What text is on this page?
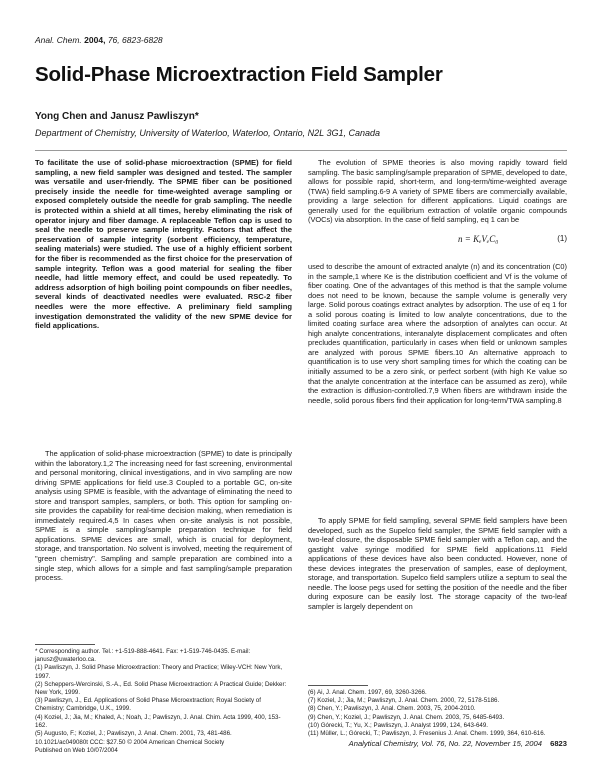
Anal. Chem. 2004, 76, 6823-6828
Solid-Phase Microextraction Field Sampler
Yong Chen and Janusz Pawliszyn*
Department of Chemistry, University of Waterloo, Waterloo, Ontario, N2L 3G1, Canada

To facilitate the use of solid-phase microextraction (SPME) for field sampling, a new field sampler was designed and tested. The sampler was versatile and user-friendly. The SPME fiber can be positioned precisely inside the needle for time-weighted average sampling or exposed completely outside the needle for grab sampling. The needle is protected within a shield at all times, hereby eliminating the risk of operator injury and fiber damage. A replaceable Teflon cap is used to seal the needle to preserve sample integrity. Factors that affect the preservation of sample integrity (sorbent efficiency, temperature, sealing materials) were studied. The use of a highly efficient sorbent for the fiber is recommended as the first choice for the preservation of sample integrity. Teflon was a good material for sealing the fiber needle, had little memory effect, and could be used repeatedly. To address adsorption of high boiling point compounds on fiber needles, several kinds of deactivated needles were evaluated. RSC-2 fiber needles were the more effective. A preliminary field sampling investigation demonstrated the validity of the new SPME device for field applications.

The application of solid-phase microextraction (SPME) to date is principally within the laboratory.1,2 The increasing need for fast screening, environmental and personal monitoring, clinical investigations, and in vivo sampling are now driving SPME applications for field use.3 Coupled to a portable GC, on-site analysis using SPME is feasible, with the advantage of eliminating the need to store and transport samples, samplers, or both. This option for sampling on-site provides the capability for real-time decision making, when remediation is immediately required.4,5 In cases when on-site analysis is not possible, SPME is a simple sampling/sample preparation technique for field applications. SPME devices are small, which is crucial for deployment, storage, and transportation. No solvent is involved, meeting the requirement of "green chemistry". Sampling and sample preparation are combined into a single step, which allows for a simple and fast sampling/sample preparation process.

* Corresponding author. Tel.: +1-519-888-4641. Fax: +1-519-746-0435. E-mail: janusz@uwaterloo.ca.
(1) Pawliszyn, J. Solid Phase Microextraction: Theory and Practice; Wiley-VCH: New York, 1997.
(2) Scheppers-Wercinski, S.-A., Ed. Solid Phase Microextraction: A Practical Guide; Dekker: New York, 1999.
(3) Pawliszyn, J., Ed. Applications of Solid Phase Microextraction; Royal Society of Chemistry; Cambridge, U.K., 1999.
(4) Koziel, J.; Jia, M.; Khaled, A.; Noah, J.; Pawliszyn, J. Anal. Chim. Acta 1999, 400, 153-162.
(5) Augusto, F.; Koziel, J.; Pawliszyn, J. Anal. Chem. 2001, 73, 481-486.

The evolution of SPME theories is also moving rapidly toward field sampling. The basic sampling/sample preparation of SPME, developed to date, allows for possible rapid, short-term, and long-term/time-weighted average (TWA) field sampling.6-9 A variety of SPME fibers are commercially available, providing a large selection for different applications. Liquid coatings are generally used for the equilibrium extraction of volatile organic compounds (VOCs) via absorption. In the case of field sampling, eq 1 can be

n = KₑVₑC₀	(1)

used to describe the amount of extracted analyte (n) and its concentration (C0) in the sample,1 where Ke is the distribution coefficient and Vf is the volume of fiber coating. One of the advantages of this method is that the sample volume does not need to be known, because the sample volume is generally very large. Solid porous coatings extract analytes by adsorption. The use of eq 1 for a solid porous coating is limited to low analyte concentrations, due to the limited coating surface area where the adsorption of analytes can occur. At high analyte concentrations, interanalyte displacement complicates and often precludes quantification, particularly in cases when field or unknown samples are analyzed with porous SPME fibers.10 An alternative approach to quantification is to use very short sampling times for which the coating can be initially assumed to be a zero sink, or perfect sorbent (with high Ke value so that the analyte concentration at the interface can be assumed as zero), while the extraction is diffusion-controlled.7,9 When fibers are withdrawn inside the needle, solid porous fibers find their application for long-term/TWA sampling.8

To apply SPME for field sampling, several SPME field samplers have been developed, such as the Supelco field sampler, the SPME field sampler with a two-leaf closure, the disposable SPME field sampler with a Teflon cap, and the gastight valve syringe modified for SPME field applications.11 Field applications of these devices have also been conducted. However, none of these devices integrates the preservation of samples, ease of deployment, storage, and transportation. Supelco field samplers utilize a septum to seal the needle. The loose pegs used for setting the position of the needle and the fiber during exposure can be easily lost. The storage capacity of the two-leaf sampler is largely dependent on

(6) Ai, J. Anal. Chem. 1997, 69, 3260-3266.
(7) Koziel, J.; Jia, M.; Pawliszyn, J. Anal. Chem. 2000, 72, 5178-5186.
(8) Chen, Y.; Pawliszyn, J. Anal. Chem. 2003, 75, 2004-2010.
(9) Chen, Y.; Koziel, J.; Pawliszyn, J. Anal. Chem. 2003, 75, 6485-6493.
(10) Górecki, T.; Yu, X.; Pawliszyn, J. Analyst 1999, 124, 643-649.
(11) Müller, L.; Górecki, T.; Pawliszyn, J. Fresenius J. Anal. Chem. 1999, 364, 610-616.
10.1021/ac049080t CCC: $27.50 © 2004 American Chemical Society
Published on Web 10/07/2004
Analytical Chemistry, Vol. 76, No. 22, November 15, 2004 6823
